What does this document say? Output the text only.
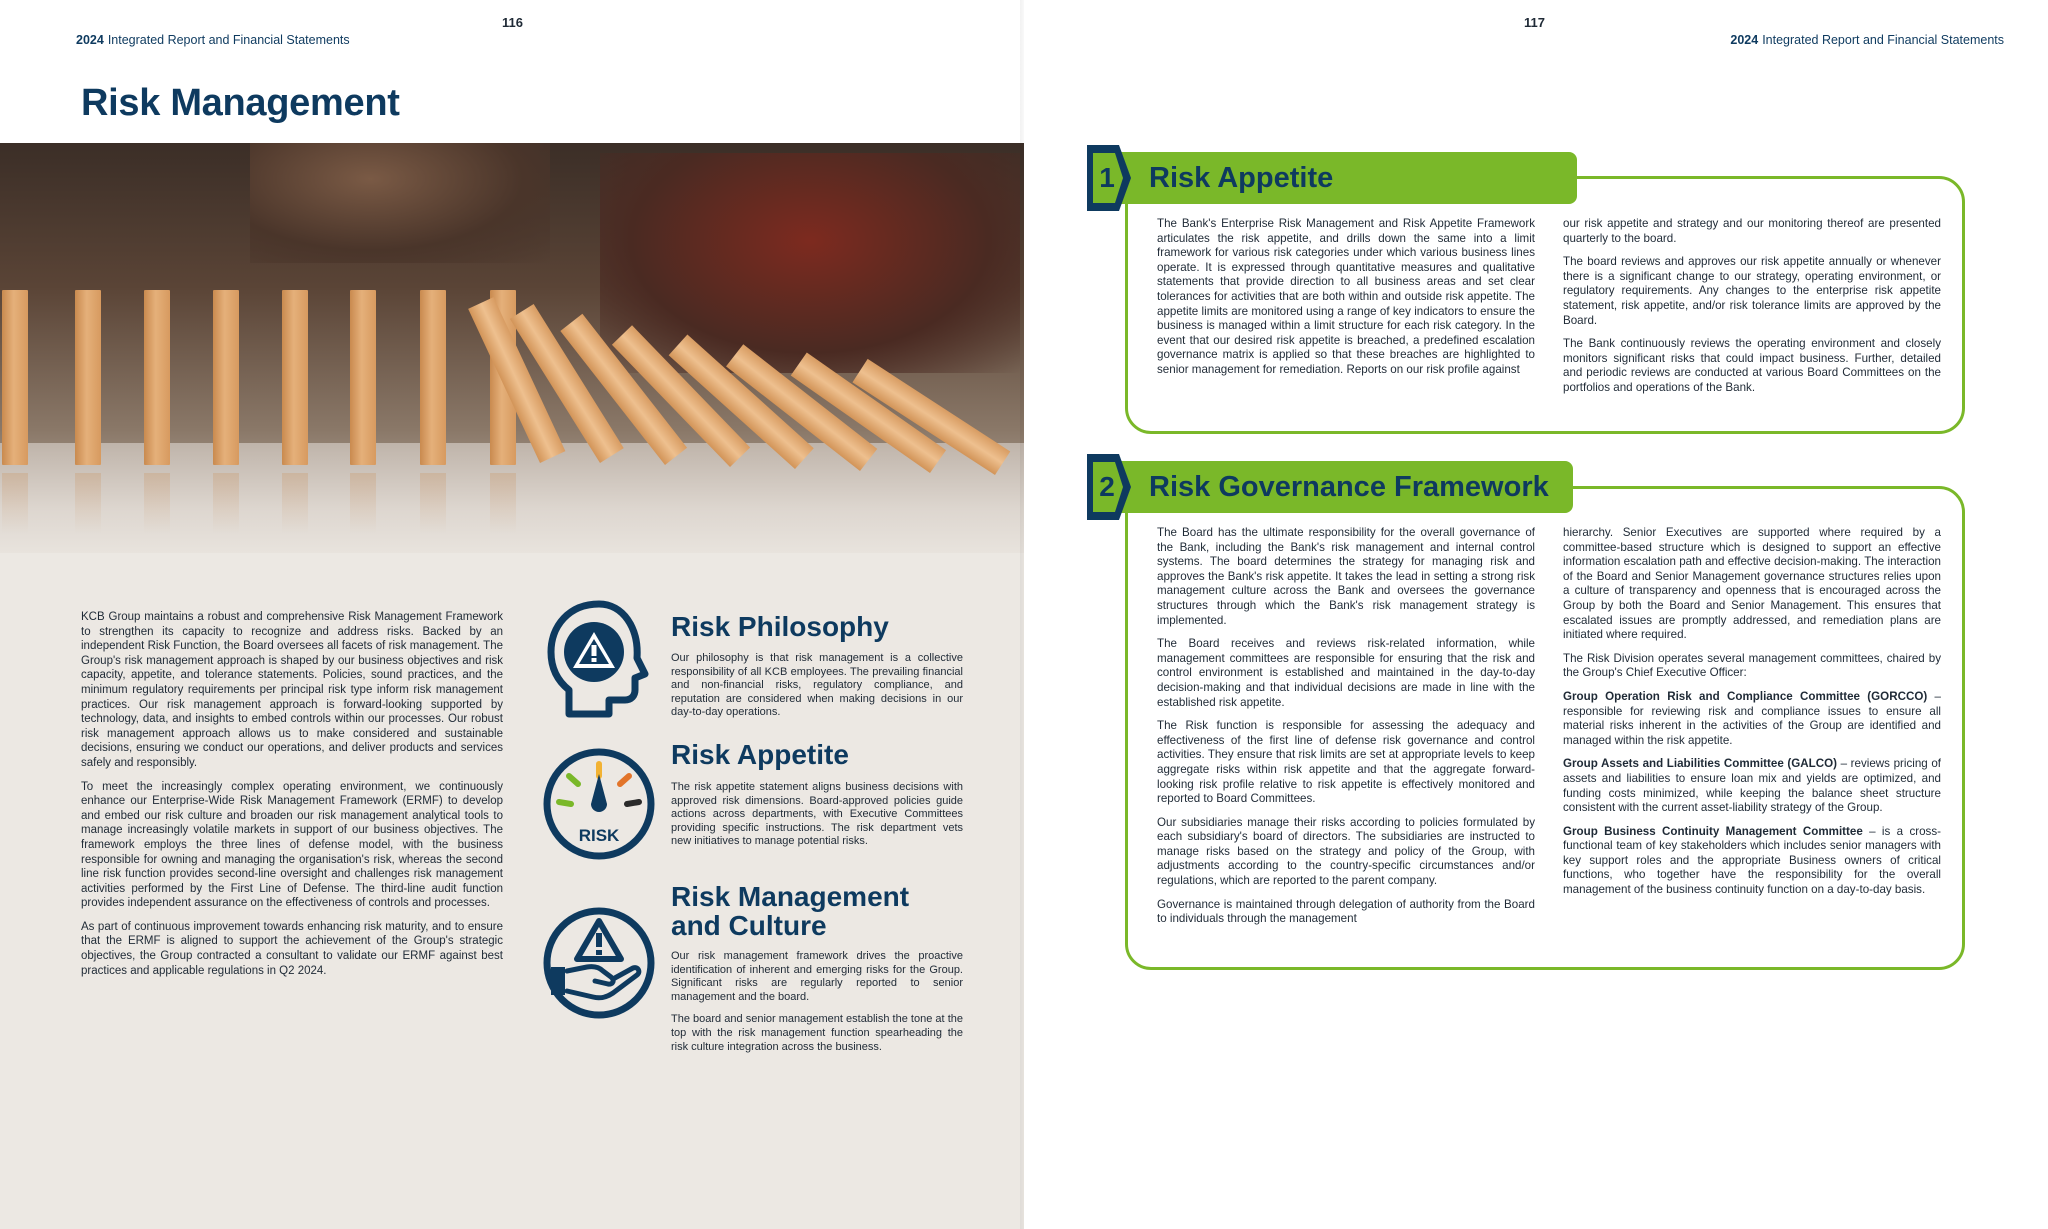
2024 Integrated Report and Financial Statements
116
Risk Management

KCB Group maintains a robust and comprehensive Risk Management Framework to strengthen its capacity to recognize and address risks. Backed by an independent Risk Function, the Board oversees all facets of risk management. The Group's risk management approach is shaped by our business objectives and risk capacity, appetite, and tolerance statements. Policies, sound practices, and the minimum regulatory requirements per principal risk type inform risk management practices. Our risk management approach is forward-looking supported by technology, data, and insights to embed controls within our processes. Our robust risk management approach allows us to make considered and sustainable decisions, ensuring we conduct our operations, and deliver products and services safely and responsibly.

To meet the increasingly complex operating environment, we continuously enhance our Enterprise-Wide Risk Management Framework (ERMF) to develop and embed our risk culture and broaden our risk management analytical tools to manage increasingly volatile markets in support of our business objectives. The framework employs the three lines of defense model, with the business responsible for owning and managing the organisation's risk, whereas the second line risk function provides second-line oversight and challenges risk management activities performed by the First Line of Defense. The third-line audit function provides independent assurance on the effectiveness of controls and processes.

As part of continuous improvement towards enhancing risk maturity, and to ensure that the ERMF is aligned to support the achievement of the Group's strategic objectives, the Group contracted a consultant to validate our ERMF against best practices and applicable regulations in Q2 2024.

Risk Philosophy

Our philosophy is that risk management is a collective responsibility of all KCB employees. The prevailing financial and non-financial risks, regulatory compliance, and reputation are considered when making decisions in our day-to-day operations.

RISK
Risk Appetite

The risk appetite statement aligns business decisions with approved risk dimensions. Board-approved policies guide actions across departments, with Executive Committees providing specific instructions. The risk department vets new initiatives to manage potential risks.

Risk Management
and Culture

Our risk management framework drives the proactive identification of inherent and emerging risks for the Group. Significant risks are regularly reported to senior management and the board.

The board and senior management establish the tone at the top with the risk management function spearheading the risk culture integration across the business.

117
2024 Integrated Report and Financial Statements
Risk Appetite
1

The Bank's Enterprise Risk Management and Risk Appetite Framework articulates the risk appetite, and drills down the same into a limit framework for various risk categories under which various business lines operate. It is expressed through quantitative measures and qualitative statements that provide direction to all business areas and set clear tolerances for activities that are both within and outside risk appetite. The appetite limits are monitored using a range of key indicators to ensure the business is managed within a limit structure for each risk category. In the event that our desired risk appetite is breached, a predefined escalation governance matrix is applied so that these breaches are highlighted to senior management for remediation. Reports on our risk profile against

our risk appetite and strategy and our monitoring thereof are presented quarterly to the board.

The board reviews and approves our risk appetite annually or whenever there is a significant change to our strategy, operating environment, or regulatory requirements. Any changes to the enterprise risk appetite statement, risk appetite, and/or risk tolerance limits are approved by the Board.

The Bank continuously reviews the operating environment and closely monitors significant risks that could impact business. Further, detailed and periodic reviews are conducted at various Board Committees on the portfolios and operations of the Bank.

Risk Governance Framework
2

The Board has the ultimate responsibility for the overall governance of the Bank, including the Bank's risk management and internal control systems. The board determines the strategy for managing risk and approves the Bank's risk appetite. It takes the lead in setting a strong risk management culture across the Bank and oversees the governance structures through which the Bank's risk management strategy is implemented.

The Board receives and reviews risk-related information, while management committees are responsible for ensuring that the risk and control environment is established and maintained in the day-to-day decision-making and that individual decisions are made in line with the established risk appetite.

The Risk function is responsible for assessing the adequacy and effectiveness of the first line of defense risk governance and control activities. They ensure that risk limits are set at appropriate levels to keep aggregate risks within risk appetite and that the aggregate forward-looking risk profile relative to risk appetite is effectively monitored and reported to Board Committees.

Our subsidiaries manage their risks according to policies formulated by each subsidiary's board of directors. The subsidiaries are instructed to manage risks based on the strategy and policy of the Group, with adjustments according to the country-specific circumstances and/or regulations, which are reported to the parent company.

Governance is maintained through delegation of authority from the Board to individuals through the management

hierarchy. Senior Executives are supported where required by a committee-based structure which is designed to support an effective information escalation path and effective decision-making. The interaction of the Board and Senior Management governance structures relies upon a culture of transparency and openness that is encouraged across the Group by both the Board and Senior Management. This ensures that escalated issues are promptly addressed, and remediation plans are initiated where required.

The Risk Division operates several management committees, chaired by the Group's Chief Executive Officer:

Group Operation Risk and Compliance Committee (GORCCO) – responsible for reviewing risk and compliance issues to ensure all material risks inherent in the activities of the Group are identified and managed within the risk appetite.

Group Assets and Liabilities Committee (GALCO) – reviews pricing of assets and liabilities to ensure loan mix and yields are optimized, and funding costs minimized, while keeping the balance sheet structure consistent with the current asset-liability strategy of the Group.

Group Business Continuity Management Committee – is a cross-functional team of key stakeholders which includes senior managers with key support roles and the appropriate Business owners of critical functions, who together have the responsibility for the overall management of the business continuity function on a day-to-day basis.
